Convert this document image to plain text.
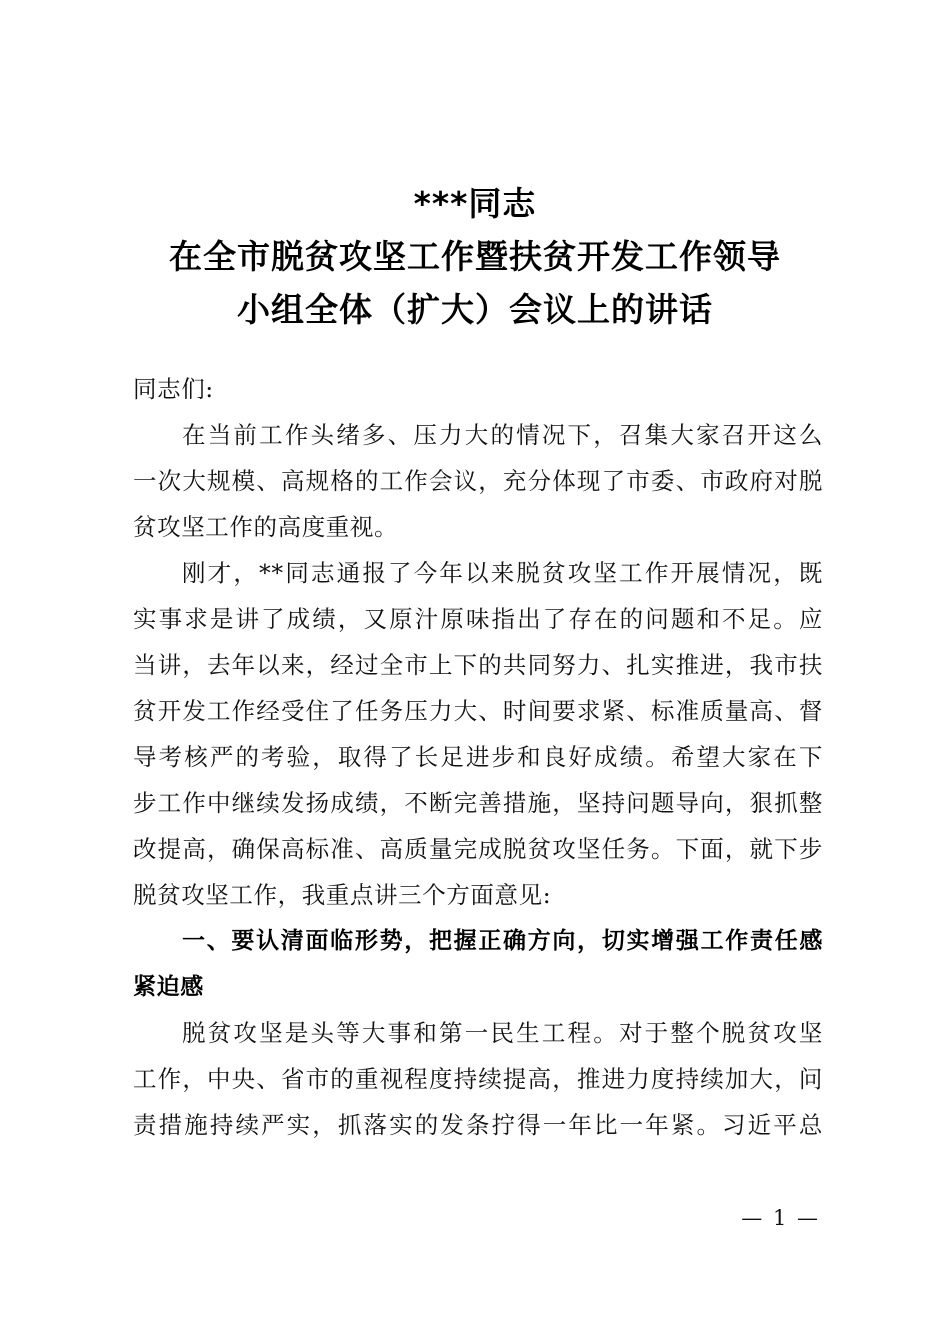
***同志
在全市脱贫攻坚工作暨扶贫开发工作领导
小组全体（扩大）会议上的讲话
同志们:
在当前工作头绪多、压力大的情况下，召集大家召开这么
一次大规模、高规格的工作会议，充分体现了市委、市政府对脱
贫攻坚工作的高度重视。
刚才，**同志通报了今年以来脱贫攻坚工作开展情况，既
实事求是讲了成绩，又原汁原味指出了存在的问题和不足。应
当讲，去年以来，经过全市上下的共同努力、扎实推进，我市扶
贫开发工作经受住了任务压力大、时间要求紧、标准质量高、督
导考核严的考验，取得了长足进步和良好成绩。希望大家在下
步工作中继续发扬成绩，不断完善措施，坚持问题导向，狠抓整
改提高，确保高标准、高质量完成脱贫攻坚任务。下面，就下步
脱贫攻坚工作，我重点讲三个方面意见:
一、要认清面临形势，把握正确方向，切实增强工作责任感
紧迫感
脱贫攻坚是头等大事和第一民生工程。对于整个脱贫攻坚
工作，中央、省市的重视程度持续提高，推进力度持续加大，问
责措施持续严实，抓落实的发条拧得一年比一年紧。习近平总
— 1 —
